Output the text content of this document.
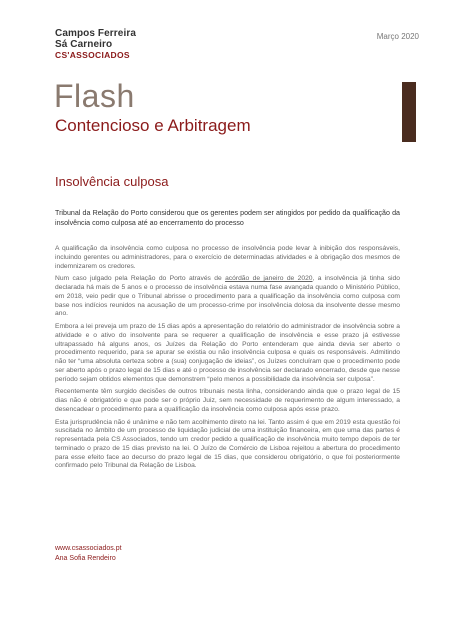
Campos Ferreira
Sá Carneiro
CS'ASSOCIADOS
Março 2020
Flash
Contencioso e Arbitragem
Insolvência culposa
Tribunal da Relação do Porto considerou que os gerentes podem ser atingidos por pedido da qualificação da insolvência como culposa até ao encerramento do processo

A qualificação da insolvência como culposa no processo de insolvência pode levar à inibição dos responsáveis, incluindo gerentes ou administradores, para o exercício de determinadas atividades e à obrigação dos mesmos de indemnizarem os credores.

Num caso julgado pela Relação do Porto através de acórdão de janeiro de 2020, a insolvência já tinha sido declarada há mais de 5 anos e o processo de insolvência estava numa fase avançada quando o Ministério Público, em 2018, veio pedir que o Tribunal abrisse o procedimento para a qualificação da insolvência como culposa com base nos indícios reunidos na acusação de um processo-crime por insolvência dolosa da insolvente desse mesmo ano.

Embora a lei preveja um prazo de 15 dias após a apresentação do relatório do administrador de insolvência sobre a atividade e o ativo do insolvente para se requerer a qualificação de insolvência e esse prazo já estivesse ultrapassado há alguns anos, os Juízes da Relação do Porto entenderam que ainda devia ser aberto o procedimento requerido, para se apurar se existia ou não insolvência culposa e quais os responsáveis. Admitindo não ter “uma absoluta certeza sobre a (sua) conjugação de ideias”, os Juízes concluíram que o procedimento pode ser aberto após o prazo legal de 15 dias e até o processo de insolvência ser declarado encerrado, desde que nesse período sejam obtidos elementos que demonstrem “pelo menos a possibilidade da insolvência ser culposa”.

Recentemente têm surgido decisões de outros tribunais nesta linha, considerando ainda que o prazo legal de 15 dias não é obrigatório e que pode ser o próprio Juiz, sem necessidade de requerimento de algum interessado, a desencadear o procedimento para a qualificação da insolvência como culposa após esse prazo.

Esta jurisprudência não é unânime e não tem acolhimento direto na lei. Tanto assim é que em 2019 esta questão foi suscitada no âmbito de um processo de liquidação judicial de uma instituição financeira, em que uma das partes é representada pela CS Associados, tendo um credor pedido a qualificação de insolvência muito tempo depois de ter terminado o prazo de 15 dias previsto na lei. O Juízo de Comércio de Lisboa rejeitou a abertura do procedimento para esse efeito face ao decurso do prazo legal de 15 dias, que considerou obrigatório, o que foi posteriormente confirmado pelo Tribunal da Relação de Lisboa.

www.csassociados.pt
Ana Sofia Rendeiro
